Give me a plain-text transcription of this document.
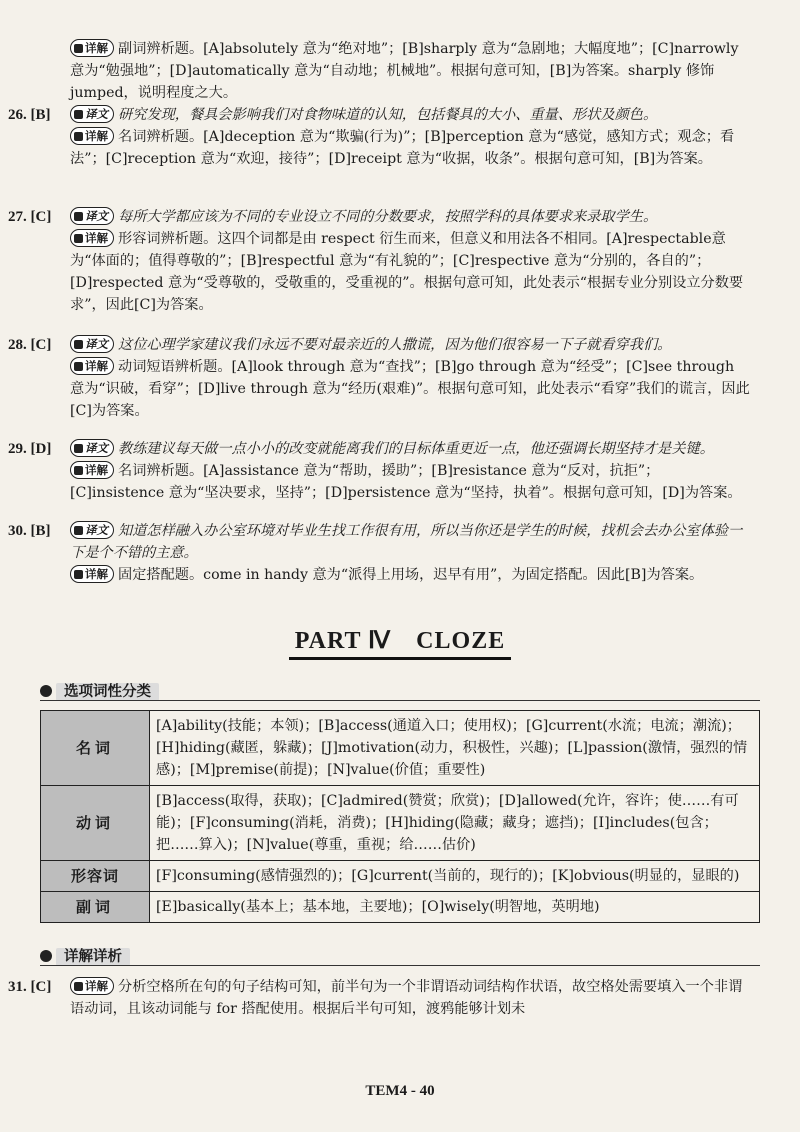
详解 副词辨析题。[A]absolutely 意为“绝对地”；[B]sharply 意为“急剧地；大幅度地”；[C]narrowly 意为“勉强地”；[D]automatically 意为“自动地；机械地”。根据句意可知，[B]为答案。sharply 修饰 jumped，说明程度之大。

26. [B]	译文 研究发现，餐具会影响我们对食物味道的认知，包括餐具的大小、重量、形状及颜色。

详解 名词辨析题。[A]deception 意为“欺骗(行为)”；[B]perception 意为“感觉，感知方式；观念；看法”；[C]reception 意为“欢迎，接待”；[D]receipt 意为“收据，收条”。根据句意可知，[B]为答案。

27. [C]	译文 每所大学都应该为不同的专业设立不同的分数要求，按照学科的具体要求来录取学生。

详解 形容词辨析题。这四个词都是由 respect 衍生而来，但意义和用法各不相同。[A]respectable意为“体面的；值得尊敬的”；[B]respectful 意为“有礼貌的”；[C]respective 意为“分别的，各自的”；[D]respected 意为“受尊敬的，受敬重的，受重视的”。根据句意可知，此处表示“根据专业分别设立分数要求”，因此[C]为答案。

28. [C]	译文 这位心理学家建议我们永远不要对最亲近的人撒谎，因为他们很容易一下子就看穿我们。

详解 动词短语辨析题。[A]look through 意为“查找”；[B]go through 意为“经受”；[C]see through 意为“识破，看穿”；[D]live through 意为“经历(艰难)”。根据句意可知，此处表示“看穿”我们的谎言，因此[C]为答案。

29. [D]	译文 教练建议每天做一点小小的改变就能离我们的目标体重更近一点，他还强调长期坚持才是关键。

详解 名词辨析题。[A]assistance 意为“帮助，援助”；[B]resistance 意为“反对，抗拒”；[C]insistence 意为“坚决要求，坚持”；[D]persistence 意为“坚持，执着”。根据句意可知，[D]为答案。

30. [B]	译文 知道怎样融入办公室环境对毕业生找工作很有用，所以当你还是学生的时候，找机会去办公室体验一下是个不错的主意。

详解 固定搭配题。come in handy 意为“派得上用场，迟早有用”，为固定搭配。因此[B]为答案。

PART Ⅳ　CLOZE
选项词性分类
名词	[A]ability(技能；本领)；[B]access(通道入口；使用权)；[G]current(水流；电流；潮流)；[H]hiding(藏匿，躲藏)；[J]motivation(动力，积极性，兴趣)；[L]passion(激情，强烈的情感)；[M]premise(前提)；[N]value(价值；重要性)
动词	[B]access(取得，获取)；[C]admired(赞赏；欣赏)；[D]allowed(允许，容许；使……有可能)；[F]consuming(消耗，消费)；[H]hiding(隐藏；藏身；遮挡)；[I]includes(包含；把……算入)；[N]value(尊重，重视；给……估价)
形容词	[F]consuming(感情强烈的)；[G]current(当前的，现行的)；[K]obvious(明显的，显眼的)
副词	[E]basically(基本上；基本地，主要地)；[O]wisely(明智地，英明地)
详解详析
31. [C]	详解 分析空格所在句的句子结构可知，前半句为一个非谓语动词结构作状语，故空格处需要填入一个非谓语动词，且该动词能与 for 搭配使用。根据后半句可知，渡鸦能够计划未

TEM4 - 40
